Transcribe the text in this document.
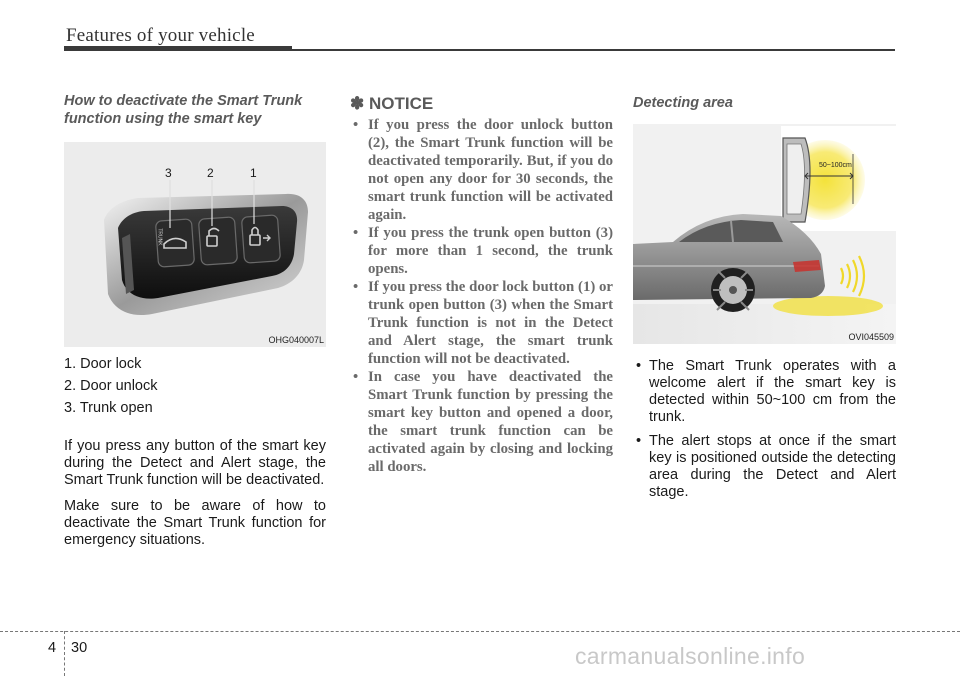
Features of your vehicle
How to deactivate the Smart Trunk function using the smart key
3	2	1
TRUNK
OHG040007L
1. Door lock
2. Door unlock
3. Trunk open

If you press any button of the smart key during the Detect and Alert stage, the Smart Trunk function will be deactivated.

Make sure to be aware of how to deactivate the Smart Trunk function for emergency situations.

✽ NOTICE
• If you press the door unlock button (2), the Smart Trunk function will be deactivated temporarily. But, if you do not open any door for 30 seconds, the smart trunk function will be activated again.
• If you press the trunk open button (3) for more than 1 second, the trunk opens.
• If you press the door lock button (1) or trunk open button (3) when the Smart Trunk function is not in the Detect and Alert stage, the smart trunk function will not be deactivated.
• In case you have deactivated the Smart Trunk function by pressing the smart key button and opened a door, the smart trunk function can be activated again by closing and locking all doors.
Detecting area
50~100cm
OVI045509
• The Smart Trunk operates with a welcome alert if the smart key is detected within 50~100 cm from the trunk.
• The alert stops at once if the smart key is positioned outside the detecting area during the Detect and Alert stage.
4 30	carmanualsonline.info
